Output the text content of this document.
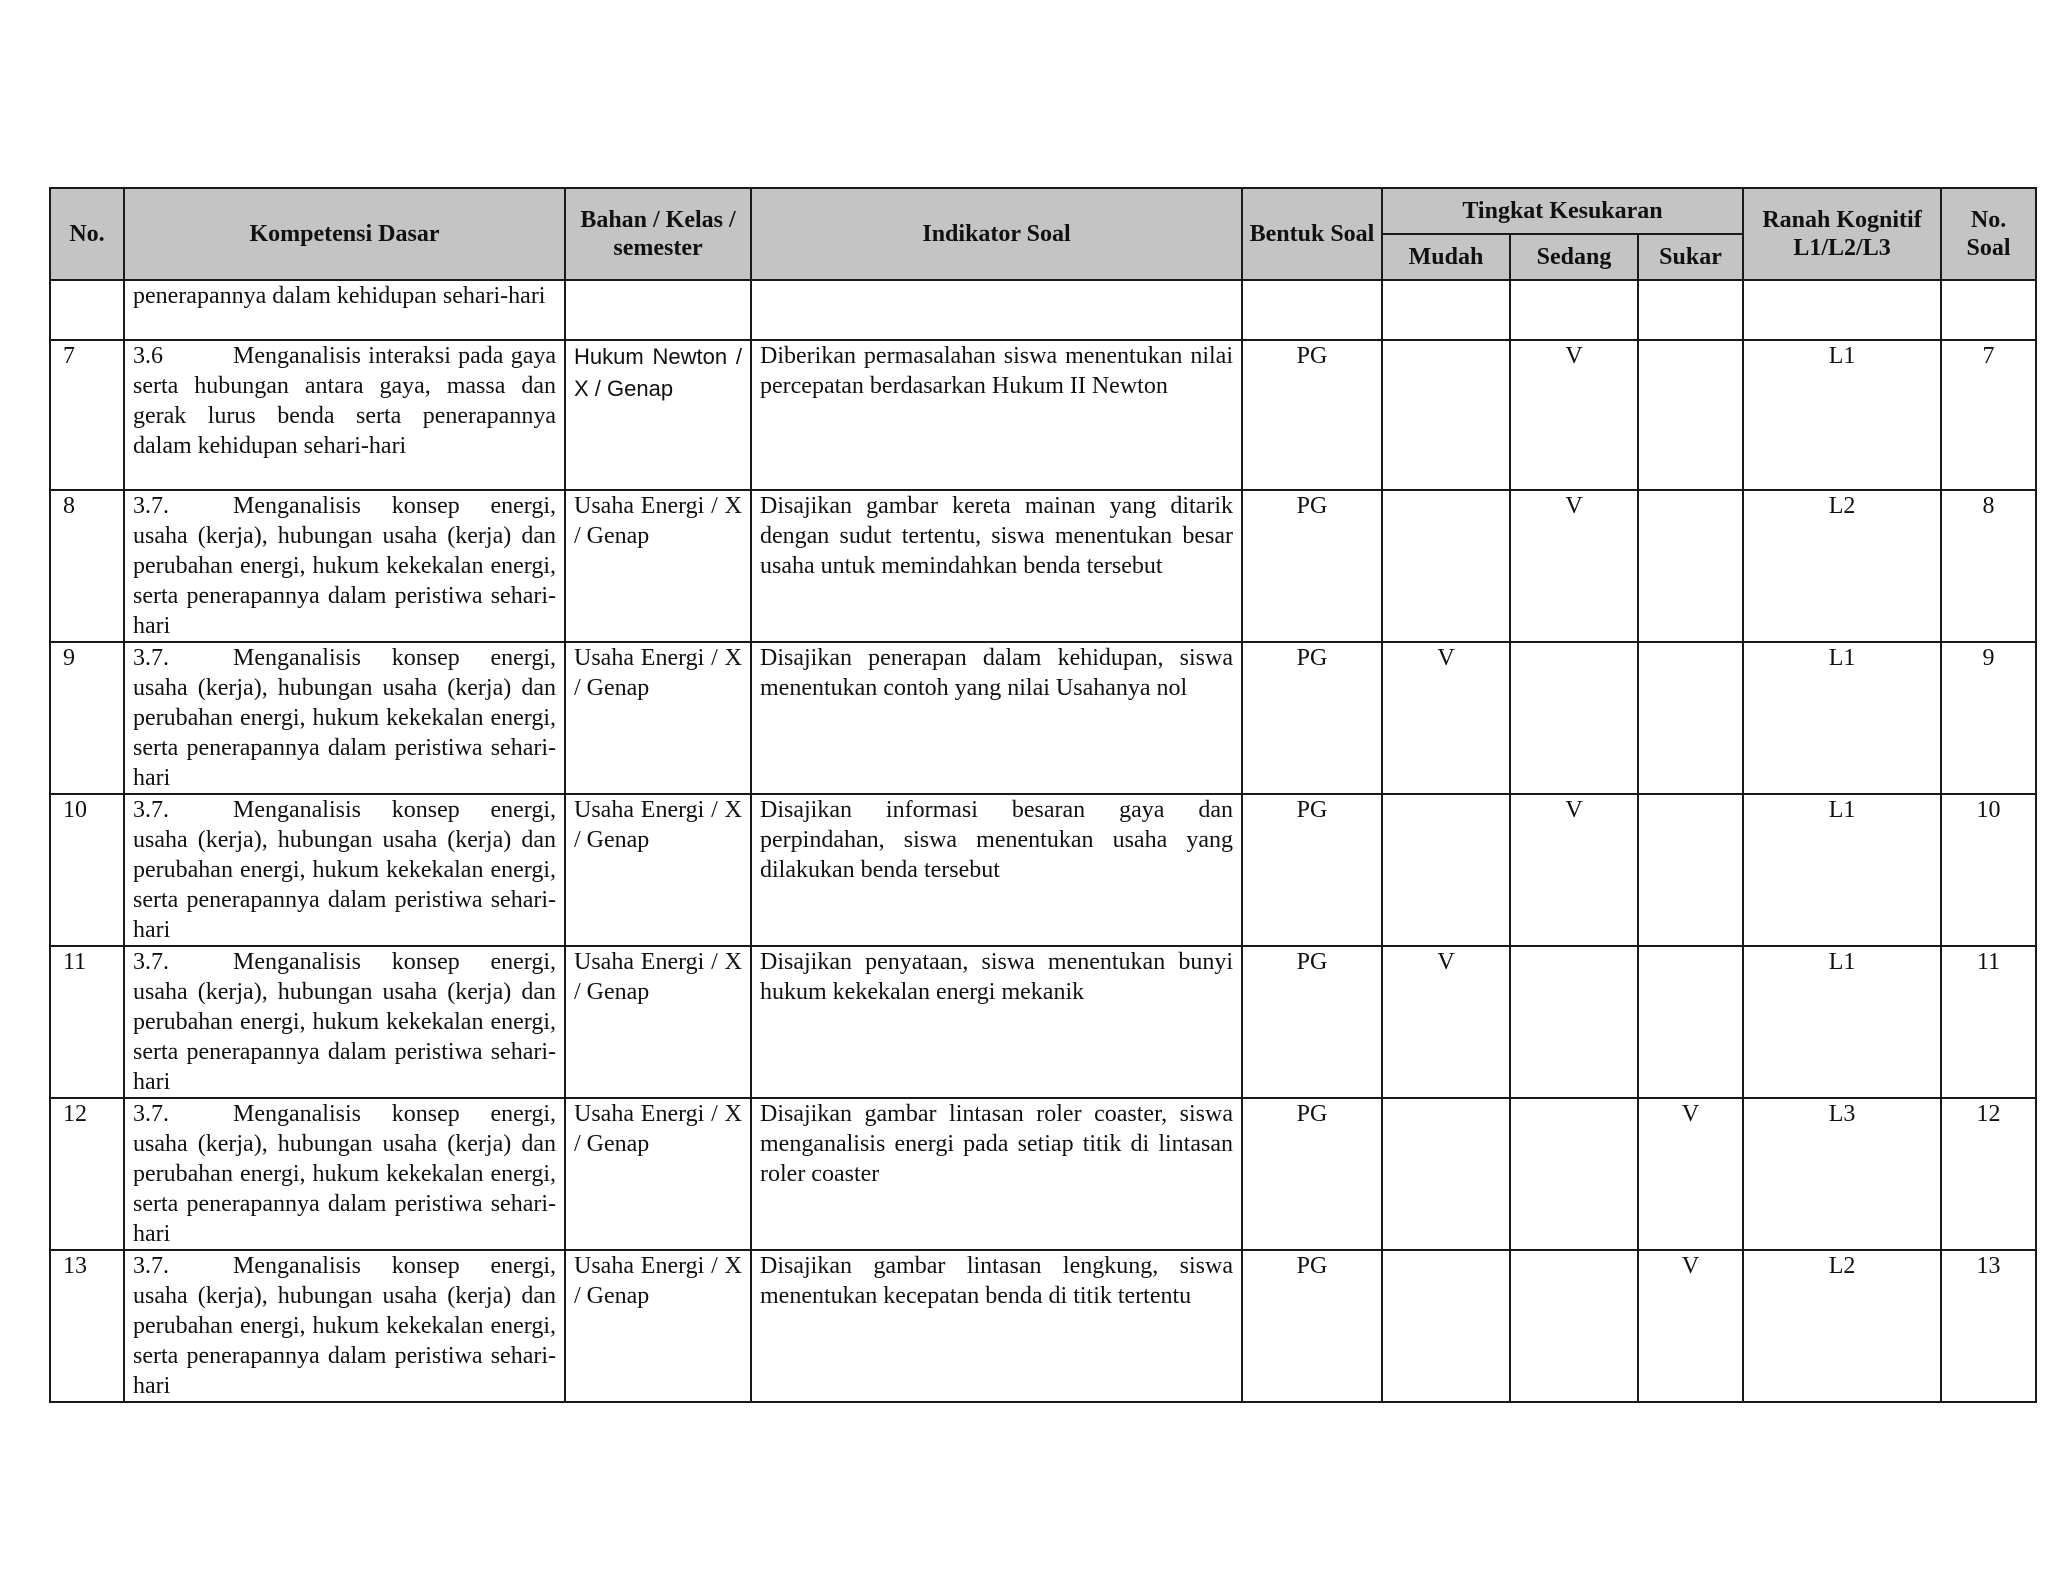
No.	Kompetensi Dasar	Bahan / Kelas / semester	Indikator Soal	Bentuk Soal	Tingkat Kesukaran			Ranah Kognitif L1/L2/L3	No. Soal
					Mudah	Sedang	Sukar		
	penerapannya dalam kehidupan sehari-hari								
7	3.6 Menganalisis interaksi pada gaya serta hubungan antara gaya, massa dan gerak lurus benda serta penerapannya dalam kehidupan sehari-hari	Hukum Newton / X / Genap	Diberikan permasalahan siswa menentukan nilai percepatan berdasarkan Hukum II Newton	PG		V		L1	7
8	3.7. Menganalisis konsep energi, usaha (kerja), hubungan usaha (kerja) dan perubahan energi, hukum kekekalan energi, serta penerapannya dalam peristiwa sehari-hari	Usaha Energi / X / Genap	Disajikan gambar kereta mainan yang ditarik dengan sudut tertentu, siswa menentukan besar usaha untuk memindahkan benda tersebut	PG		V		L2	8
9	3.7. Menganalisis konsep energi, usaha (kerja), hubungan usaha (kerja) dan perubahan energi, hukum kekekalan energi, serta penerapannya dalam peristiwa sehari-hari	Usaha Energi / X / Genap	Disajikan penerapan dalam kehidupan, siswa menentukan contoh yang nilai Usahanya nol	PG	V			L1	9
10	3.7. Menganalisis konsep energi, usaha (kerja), hubungan usaha (kerja) dan perubahan energi, hukum kekekalan energi, serta penerapannya dalam peristiwa sehari-hari	Usaha Energi / X / Genap	Disajikan informasi besaran gaya dan perpindahan, siswa menentukan usaha yang dilakukan benda tersebut	PG		V		L1	10
11	3.7. Menganalisis konsep energi, usaha (kerja), hubungan usaha (kerja) dan perubahan energi, hukum kekekalan energi, serta penerapannya dalam peristiwa sehari-hari	Usaha Energi / X / Genap	Disajikan penyataan, siswa menentukan bunyi hukum kekekalan energi mekanik	PG	V			L1	11
12	3.7. Menganalisis konsep energi, usaha (kerja), hubungan usaha (kerja) dan perubahan energi, hukum kekekalan energi, serta penerapannya dalam peristiwa sehari-hari	Usaha Energi / X / Genap	Disajikan gambar lintasan roler coaster, siswa menganalisis energi pada setiap titik di lintasan roler coaster	PG			V	L3	12
13	3.7. Menganalisis konsep energi, usaha (kerja), hubungan usaha (kerja) dan perubahan energi, hukum kekekalan energi, serta penerapannya dalam peristiwa sehari-hari	Usaha Energi / X / Genap	Disajikan gambar lintasan lengkung, siswa menentukan kecepatan benda di titik tertentu	PG			V	L2	13
